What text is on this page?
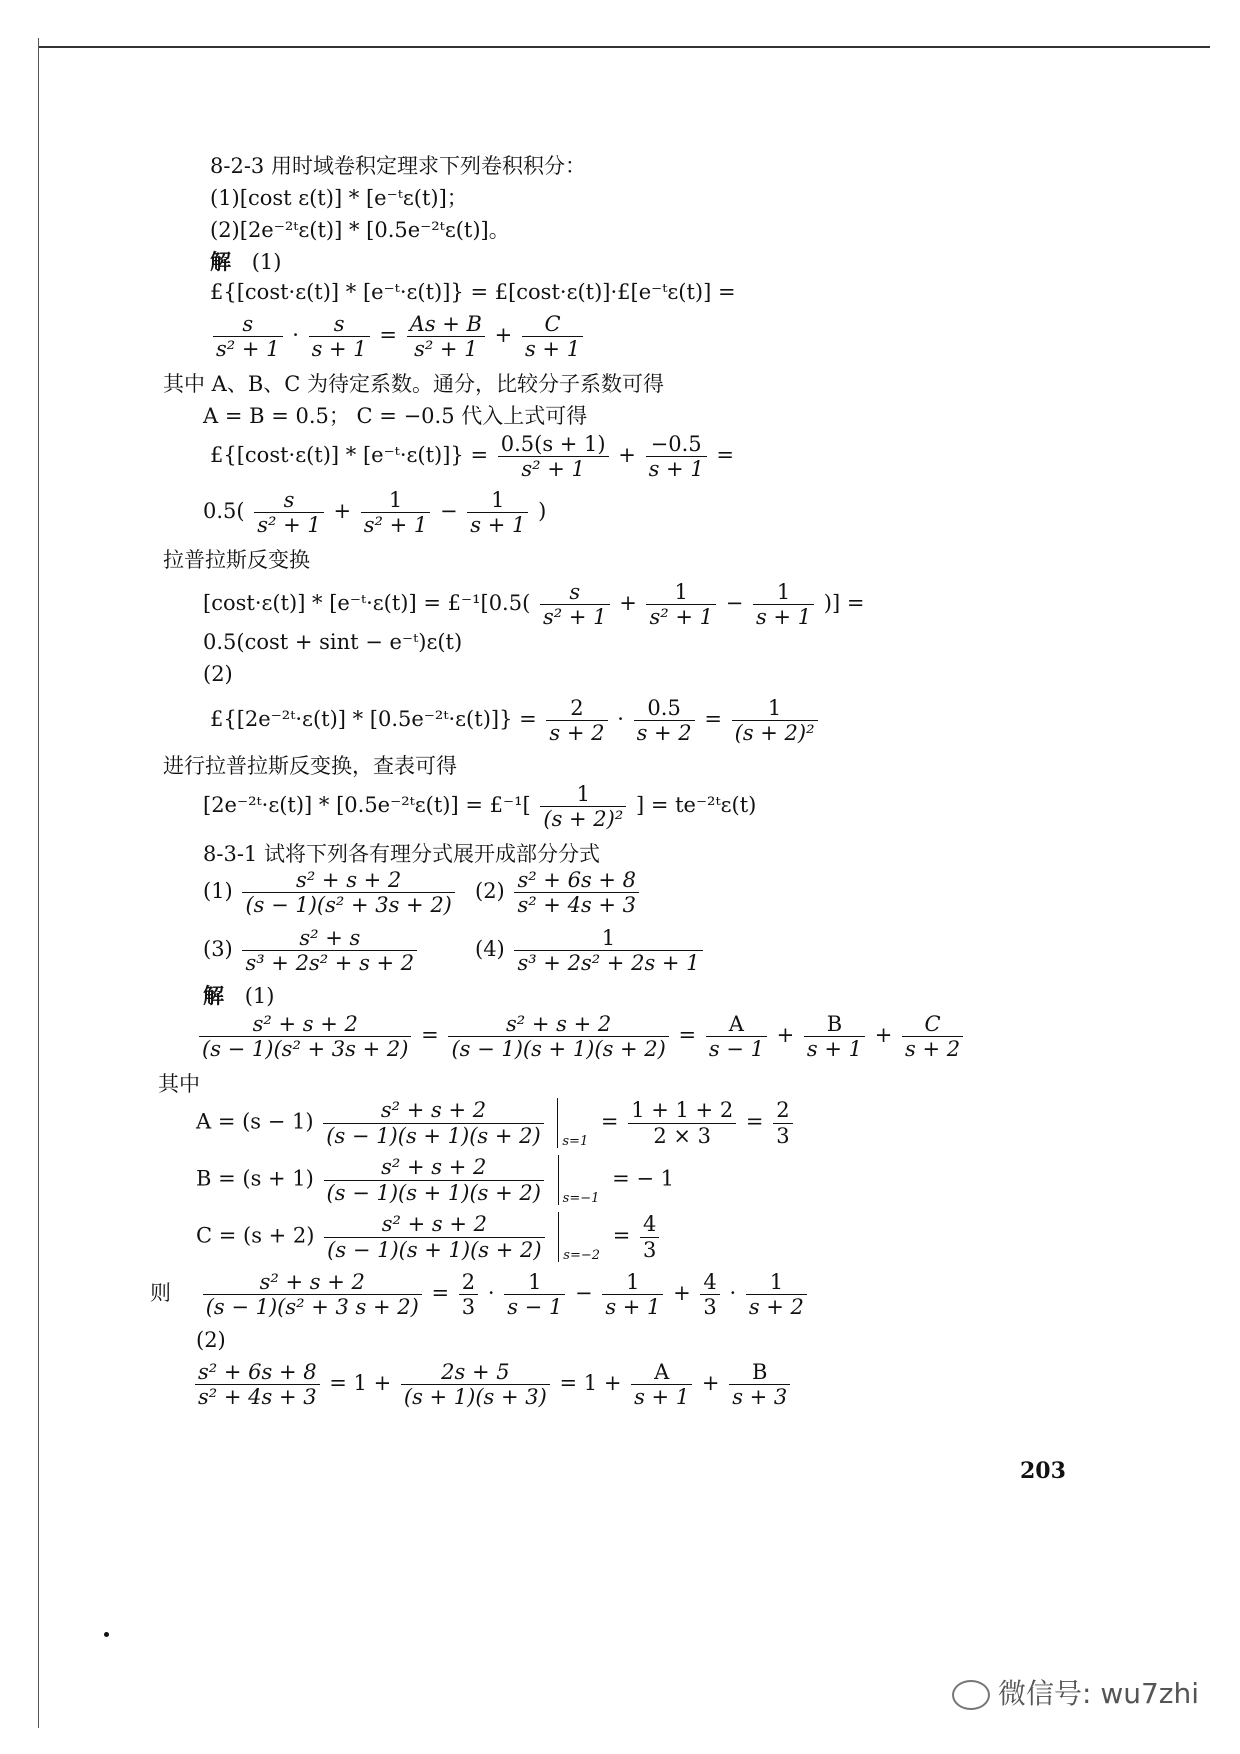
8-2-3 用时域卷积定理求下列卷积积分：
(1)[cost ε(t)] * [e⁻ᵗε(t)]；
(2)[2e⁻²ᵗε(t)] * [0.5e⁻²ᵗε(t)]。
解 (1)
£{[cost·ε(t)] * [e⁻ᵗ·ε(t)]} = £[cost·ε(t)]·£[e⁻ᵗε(t)] =
$\frac{s}{\text{s² + 1}} \cdot \frac{s}{s + 1} = \frac{As + B}{\text{s² + 1}} + \frac{C}{s + 1}$
其中 A、B、C 为待定系数。通分，比较分子系数可得
A = B = 0.5； C = −0.5 代入上式可得
£{[cost·ε(t)] * [e⁻ᵗ·ε(t)]} = $\frac{0.5(s + 1)}{\text{s² + 1}} + \frac{-0.5}{s + 1}$ =
$0.5( \frac{s}{\text{s² + 1}} + \frac{1}{\text{s² + 1}} - \frac{1}{s + 1}$ )
拉普拉斯反变换
[cost·ε(t)] * [e⁻ᵗ·ε(t)] = £⁻¹[0.5( $\frac{s}{\text{s² + 1}} + \frac{1}{\text{s² + 1}} - \frac{1}{s + 1}$ )] =
0.5(cost + sint − e⁻ᵗ)ε(t)
(2)
£{[2e⁻²ᵗ·ε(t)] * [0.5e⁻²ᵗ·ε(t)]} = $\frac{2}{s + 2} \cdot \frac{0.5}{s + 2} = \frac{1}{\text{(s + 2)²}}$
进行拉普拉斯反变换，查表可得
[2e⁻²ᵗ·ε(t)] * [0.5e⁻²ᵗε(t)] = £⁻¹[ $\frac{1}{\text{(s + 2)²}}$ ] = te⁻²ᵗε(t)
8-3-1 试将下列各有理分式展开成部分分式
$(1) \frac{\text{s² + s + 2}}{\text{(s − 1)(s² + 3s + 2)}} (2) \frac{\text{s² + 6s + 8}}{\text{s² + 4s + 3}}$
$(3) \frac{\text{s² + s}}{\text{s³ + 2s² + s + 2}}$	$(4) \frac{1}{\text{s³ + 2s² + 2s + 1}}$
解 (1)
$\frac{\text{s² + s + 2}}{\text{(s − 1)(s² + 3s + 2)}} = \frac{\text{s² + s + 2}}{(s - 1)(s + 1)(s + 2)} = \frac{A}{s - 1} + \frac{B}{s + 1} + \frac{C}{s + 2}$
其中
$A = (s - 1) \frac{\text{s² + s + 2}}{(s - 1)(s + 1)(s + 2)} _{s=1} = \frac{1 + 1 + 2}{2 \times 3} = \frac{2}{3}$
$B = (s + 1) \frac{\text{s² + s + 2}}{(s - 1)(s + 1)(s + 2)} _{s=-1}$ = − 1
$C = (s + 2) \frac{\text{s² + s + 2}}{(s - 1)(s + 1)(s + 2)} _{s=-2} = \frac{4}{3}$
则 $\frac{\text{s² + s + 2}}{\text{(s − 1)(s² + 3 s + 2)}} = \frac{2}{3} \cdot \frac{1}{s - 1} - \frac{1}{s + 1} + \frac{4}{3} \cdot \frac{1}{s + 2}$
(2)
$\frac{\text{s² + 6s + 8}}{\text{s² + 4s + 3}} = 1 + \frac{2s + 5}{(s + 1)(s + 3)} = 1 + \frac{A}{s + 1} + \frac{B}{s + 3}$
203
微信号: wu7zhi
